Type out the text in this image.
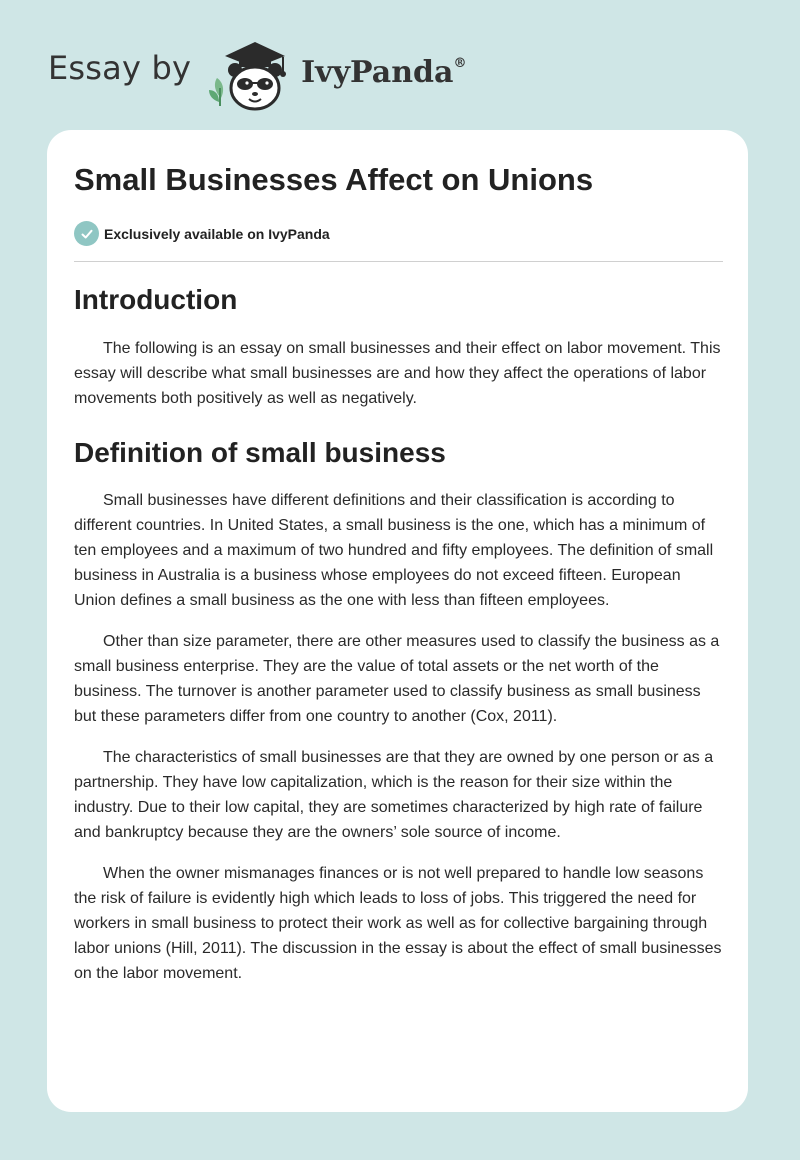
Essay by	IvyPanda®
Small Businesses Affect on Unions
Exclusively available on IvyPanda
Introduction

The following is an essay on small businesses and their effect on labor movement. This essay will describe what small businesses are and how they affect the operations of labor movements both positively as well as negatively.

Definition of small business

Small businesses have different definitions and their classification is according to different countries. In United States, a small business is the one, which has a minimum of ten employees and a maximum of two hundred and fifty employees. The definition of small business in Australia is a business whose employees do not exceed fifteen. European Union defines a small business as the one with less than fifteen employees.

Other than size parameter, there are other measures used to classify the business as a small business enterprise. They are the value of total assets or the net worth of the business. The turnover is another parameter used to classify business as small business but these parameters differ from one country to another (Cox, 2011).

The characteristics of small businesses are that they are owned by one person or as a partnership. They have low capitalization, which is the reason for their size within the industry. Due to their low capital, they are sometimes characterized by high rate of failure and bankruptcy because they are the owners’ sole source of income.

When the owner mismanages finances or is not well prepared to handle low seasons the risk of failure is evidently high which leads to loss of jobs. This triggered the need for workers in small business to protect their work as well as for collective bargaining through labor unions (Hill, 2011). The discussion in the essay is about the effect of small businesses on the labor movement.
